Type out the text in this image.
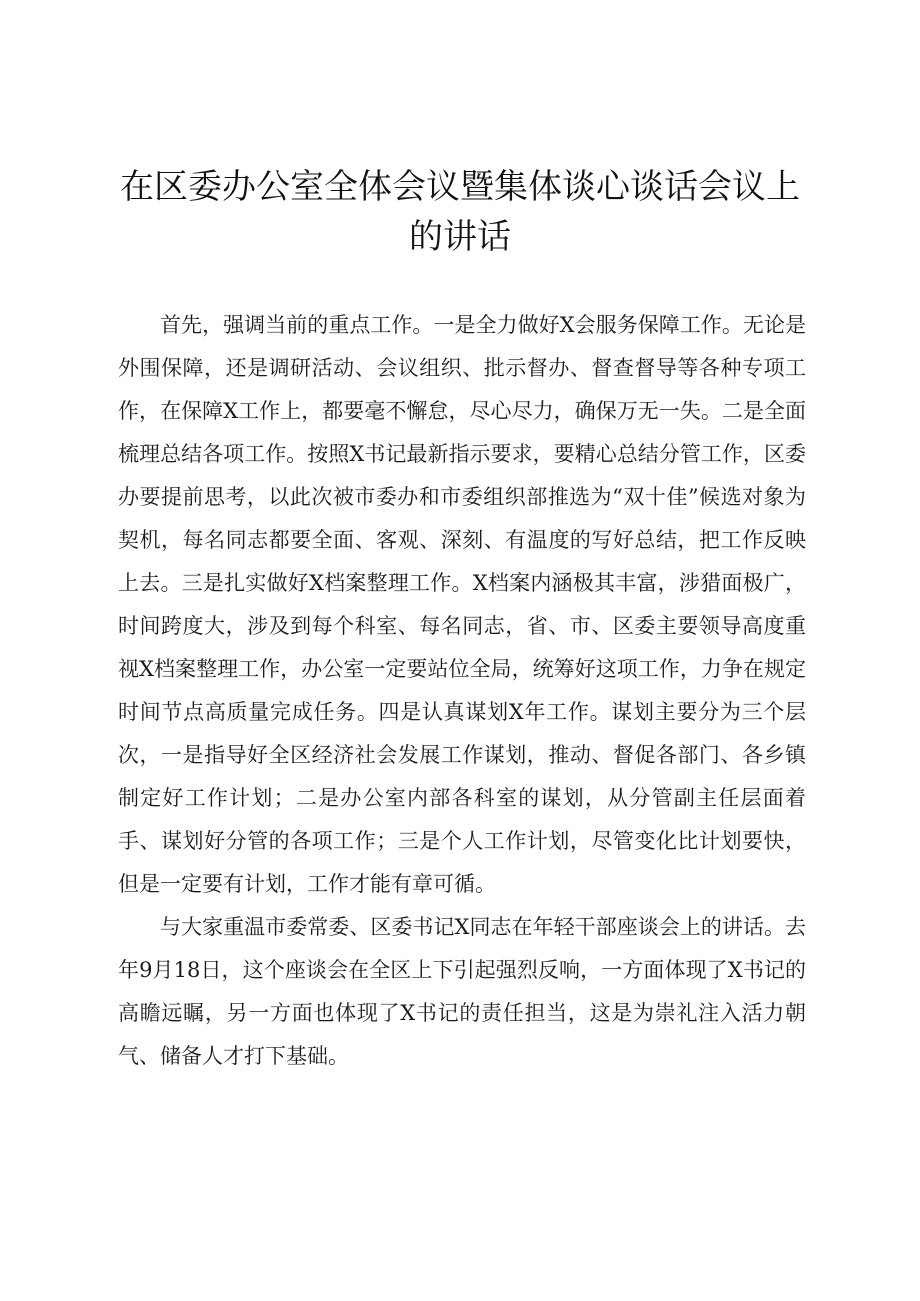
在区委办公室全体会议暨集体谈心谈话会议上的讲话

首先，强调当前的重点工作。一是全力做好X会服务保障工作。无论是外围保障，还是调研活动、会议组织、批示督办、督查督导等各种专项工作，在保障X工作上，都要毫不懈怠，尽心尽力，确保万无一失。二是全面梳理总结各项工作。按照X书记最新指示要求，要精心总结分管工作，区委办要提前思考，以此次被市委办和市委组织部推选为“双十佳”候选对象为契机，每名同志都要全面、客观、深刻、有温度的写好总结，把工作反映上去。三是扎实做好X档案整理工作。X档案内涵极其丰富，涉猎面极广，时间跨度大，涉及到每个科室、每名同志，省、市、区委主要领导高度重视X档案整理工作，办公室一定要站位全局，统筹好这项工作，力争在规定时间节点高质量完成任务。四是认真谋划X年工作。谋划主要分为三个层次，一是指导好全区经济社会发展工作谋划，推动、督促各部门、各乡镇制定好工作计划；二是办公室内部各科室的谋划，从分管副主任层面着手、谋划好分管的各项工作；三是个人工作计划，尽管变化比计划要快，但是一定要有计划，工作才能有章可循。

与大家重温市委常委、区委书记X同志在年轻干部座谈会上的讲话。去年9月18日，这个座谈会在全区上下引起强烈反响，一方面体现了X书记的高瞻远瞩，另一方面也体现了X书记的责任担当，这是为崇礼注入活力朝气、储备人才打下基础。
